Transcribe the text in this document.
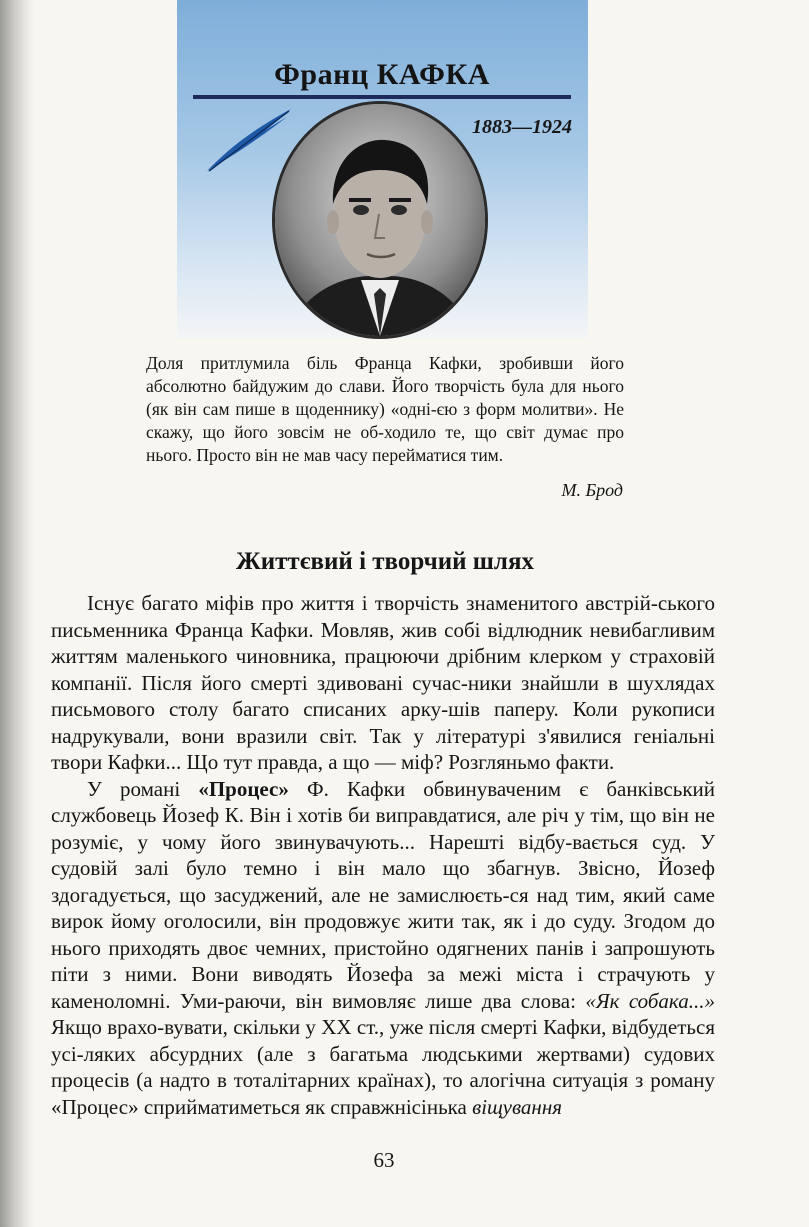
Франц КАФКА
1883—1924
Доля притлумила біль Франца Кафки, зробивши його абсолютно байдужим до слави. Його творчість була для нього (як він сам пише в щоденнику) «одні-єю з форм молитви». Не скажу, що його зовсім не об-ходило те, що світ думає про нього. Просто він не мав часу перейматися тим.
М. Брод
Життєвий і творчий шлях

Існує багато міфів про життя і творчість знаменитого австрій-ського письменника Франца Кафки. Мовляв, жив собі відлюдник невибагливим життям маленького чиновника, працюючи дрібним клерком у страховій компанії. Після його смерті здивовані сучас-ники знайшли в шухлядах письмового столу багато списаних арку-шів паперу. Коли рукописи надрукували, вони вразили світ. Так у літературі з'явилися геніальні твори Кафки... Що тут правда, а що — міф? Розгляньмо факти.

У романі «Процес» Ф. Кафки обвинуваченим є банківський службовець Йозеф К. Він і хотів би виправдатися, але річ у тім, що він не розуміє, у чому його звинувачують... Нарешті відбу-вається суд. У судовій залі було темно і він мало що збагнув. Звісно, Йозеф здогадується, що засуджений, але не замислюєть-ся над тим, який саме вирок йому оголосили, він продовжує жити так, як і до суду. Згодом до нього приходять двоє чемних, пристойно одягнених панів і запрошують піти з ними. Вони виводять Йозефа за межі міста і страчують у каменоломні. Уми-раючи, він вимовляє лише два слова: «Як собака...» Якщо врахо-вувати, скільки у XX ст., уже після смерті Кафки, відбудеться усі-ляких абсурдних (але з багатьма людськими жертвами) судових процесів (а надто в тоталітарних країнах), то алогічна ситуація з роману «Процес» сприйматиметься як справжнісінька віщування

63
